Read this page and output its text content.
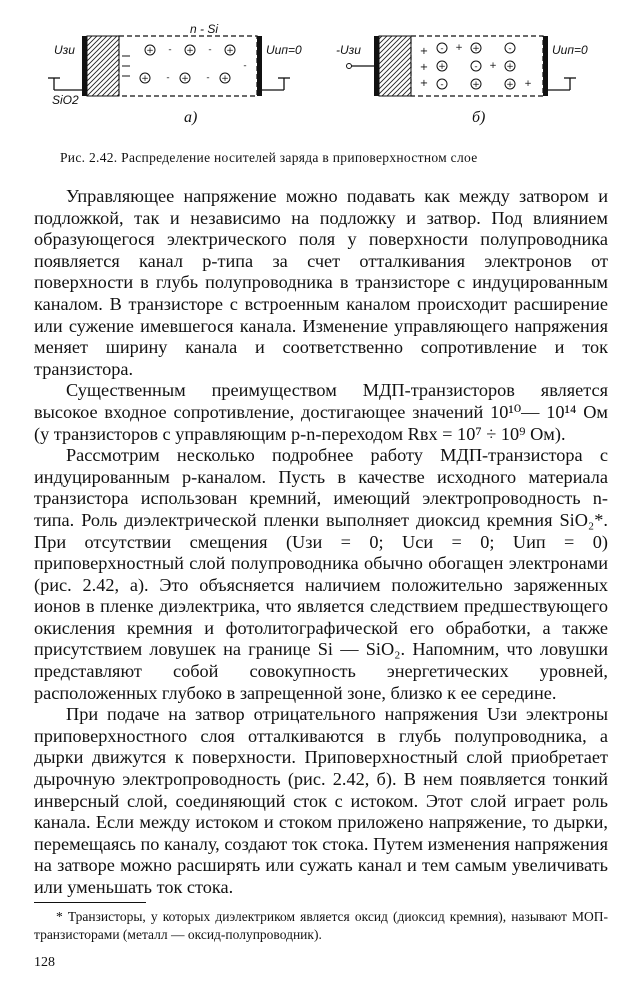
n - Si
Uзи
SiO2
+	+	+
+	+	+
-	-
-	-
-
Uип=0
а)
-Uзи	+
+
+
-	+	-
+	-	+
-	+	+
+
+
+
Uип=0
б)
Рис. 2.42. Распределение носителей заряда в приповерхностном слое

Управляющее напряжение можно подавать как между затвором и подложкой, так и независимо на подложку и затвор. Под влиянием образующегося электрического поля у поверхности полупроводника появляется канал p-типа за счет отталкивания электронов от поверхности в глубь полупроводника в транзисторе с индуцированным каналом. В транзисторе с встроенным каналом происходит расширение или сужение имевшегося канала. Изменение управляющего напряжения меняет ширину канала и соответственно сопротивление и ток транзистора.

Существенным преимуществом МДП-транзисторов является высокое входное сопротивление, достигающее значений 10¹⁰— 10¹⁴ Ом (у транзисторов с управляющим p-n-переходом Rвх = 10⁷ ÷ 10⁹ Ом).

Рассмотрим несколько подробнее работу МДП-транзистора с индуцированным p-каналом. Пусть в качестве исходного материала транзистора использован кремний, имеющий электропроводность n-типа. Роль диэлектрической пленки выполняет диоксид кремния SiO₂*. При отсутствии смещения (Uзи = 0; Uси = 0; Uип = 0) приповерхностный слой полупроводника обычно обогащен электронами (рис. 2.42, а). Это объясняется наличием положительно заряженных ионов в пленке диэлектрика, что является следствием предшествующего окисления кремния и фотолитографической его обработки, а также присутствием ловушек на границе Si — SiO₂. Напомним, что ловушки представляют собой совокупность энергетических уровней, расположенных глубоко в запрещенной зоне, близко к ее середине.

При подаче на затвор отрицательного напряжения Uзи электроны приповерхностного слоя отталкиваются в глубь полупроводника, а дырки движутся к поверхности. Приповерхностный слой приобретает дырочную электропроводность (рис. 2.42, б). В нем появляется тонкий инверсный слой, соединяющий сток с истоком. Этот слой играет роль канала. Если между истоком и стоком приложено напряжение, то дырки, перемещаясь по каналу, создают ток стока. Путем изменения напряжения на затворе можно расширять или сужать канал и тем самым увеличивать или уменьшать ток стока.

* Транзисторы, у которых диэлектриком является оксид (диоксид кремния), называют МОП-транзисторами (металл — оксид-полупроводник).
128
